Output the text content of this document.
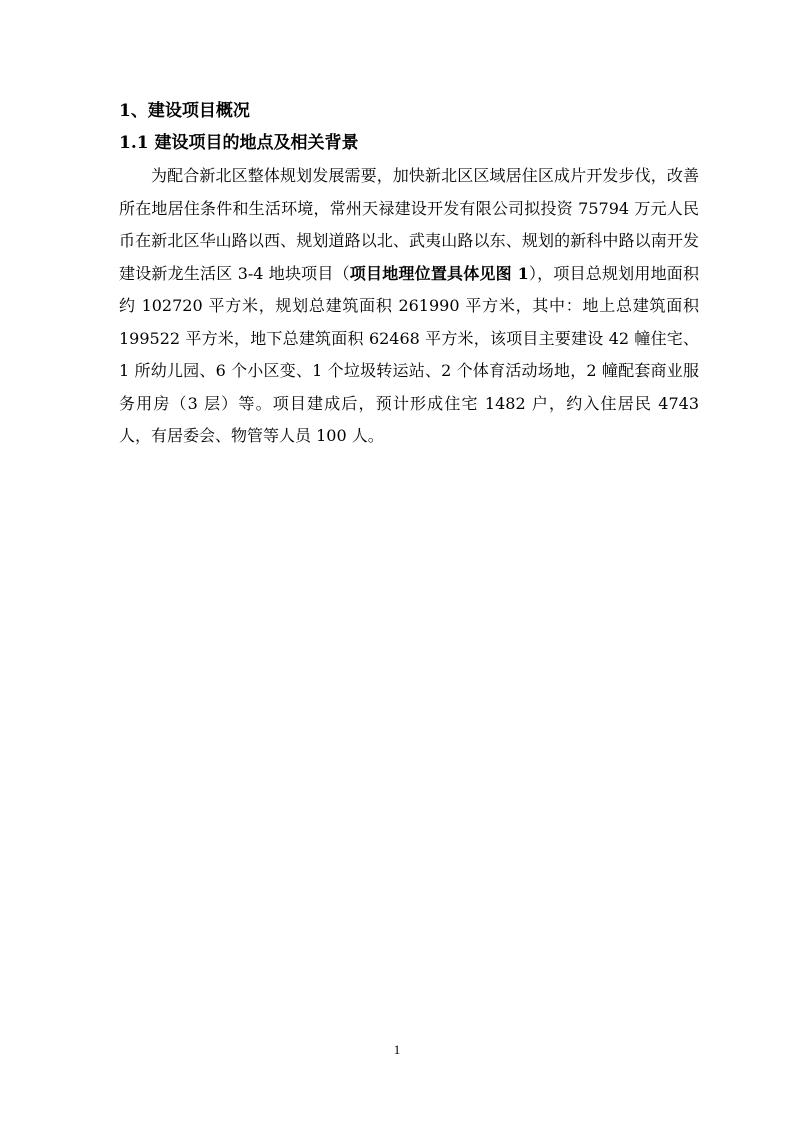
1、建设项目概况

1.1 建设项目的地点及相关背景

为配合新北区整体规划发展需要，加快新北区区域居住区成片开发步伐，改善所在地居住条件和生活环境，常州天禄建设开发有限公司拟投资 75794 万元人民币在新北区华山路以西、规划道路以北、武夷山路以东、规划的新科中路以南开发建设新龙生活区 3-4 地块项目（项目地理位置具体见图 1），项目总规划用地面积约 102720 平方米，规划总建筑面积 261990 平方米，其中：地上总建筑面积 199522 平方米，地下总建筑面积 62468 平方米，该项目主要建设 42 幢住宅、1 所幼儿园、6 个小区变、1 个垃圾转运站、2 个体育活动场地，2 幢配套商业服务用房（3 层）等。项目建成后，预计形成住宅 1482 户，约入住居民 4743 人，有居委会、物管等人员 100 人。

1
